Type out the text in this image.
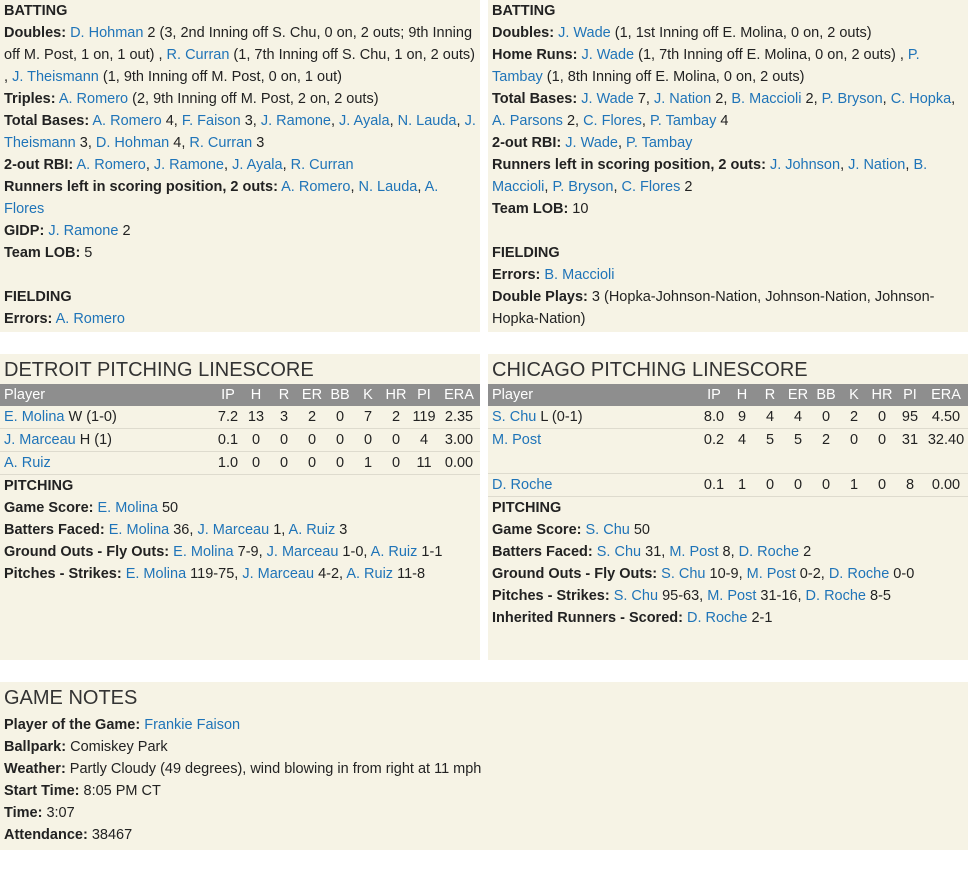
BATTING
Doubles: D. Hohman 2 (3, 2nd Inning off S. Chu, 0 on, 2 outs; 9th Inning off M. Post, 1 on, 1 out) , R. Curran (1, 7th Inning off S. Chu, 1 on, 2 outs) , J. Theismann (1, 9th Inning off M. Post, 0 on, 1 out)
Triples: A. Romero (2, 9th Inning off M. Post, 2 on, 2 outs)
Total Bases: A. Romero 4, F. Faison 3, J. Ramone, J. Ayala, N. Lauda, J. Theismann 3, D. Hohman 4, R. Curran 3
2-out RBI: A. Romero, J. Ramone, J. Ayala, R. Curran
Runners left in scoring position, 2 outs: A. Romero, N. Lauda, A. Flores
GIDP: J. Ramone 2
Team LOB: 5
FIELDING
Errors: A. Romero
BATTING
Doubles: J. Wade (1, 1st Inning off E. Molina, 0 on, 2 outs)
Home Runs: J. Wade (1, 7th Inning off E. Molina, 0 on, 2 outs) , P. Tambay (1, 8th Inning off E. Molina, 0 on, 2 outs)
Total Bases: J. Wade 7, J. Nation 2, B. Maccioli 2, P. Bryson, C. Hopka, A. Parsons 2, C. Flores, P. Tambay 4
2-out RBI: J. Wade, P. Tambay
Runners left in scoring position, 2 outs: J. Johnson, J. Nation, B. Maccioli, P. Bryson, C. Flores 2
Team LOB: 10
FIELDING
Errors: B. Maccioli
Double Plays: 3 (Hopka-Johnson-Nation, Johnson-Nation, Johnson-Hopka-Nation)
DETROIT PITCHING LINESCORE
Player	IP	H	R	ER	BB	K	HR	PI	ERA
E. Molina W (1-0)	7.2	13	3	2	0	7	2	119	2.35
J. Marceau H (1)	0.1	0	0	0	0	0	0	4	3.00
A. Ruiz	1.0	0	0	0	0	1	0	11	0.00
PITCHING
Game Score: E. Molina 50
Batters Faced: E. Molina 36, J. Marceau 1, A. Ruiz 3
Ground Outs - Fly Outs: E. Molina 7-9, J. Marceau 1-0, A. Ruiz 1-1
Pitches - Strikes: E. Molina 119-75, J. Marceau 4-2, A. Ruiz 11-8
CHICAGO PITCHING LINESCORE
Player	IP	H	R	ER	BB	K	HR	PI	ERA
S. Chu L (0-1)	8.0	9	4	4	0	2	0	95	4.50
M. Post	0.2	4	5	5	2	0	0	31	32.40
D. Roche	0.1	1	0	0	0	1	0	8	0.00
PITCHING
Game Score: S. Chu 50
Batters Faced: S. Chu 31, M. Post 8, D. Roche 2
Ground Outs - Fly Outs: S. Chu 10-9, M. Post 0-2, D. Roche 0-0
Pitches - Strikes: S. Chu 95-63, M. Post 31-16, D. Roche 8-5
Inherited Runners - Scored: D. Roche 2-1
GAME NOTES
Player of the Game: Frankie Faison
Ballpark: Comiskey Park
Weather: Partly Cloudy (49 degrees), wind blowing in from right at 11 mph
Start Time: 8:05 PM CT
Time: 3:07
Attendance: 38467
